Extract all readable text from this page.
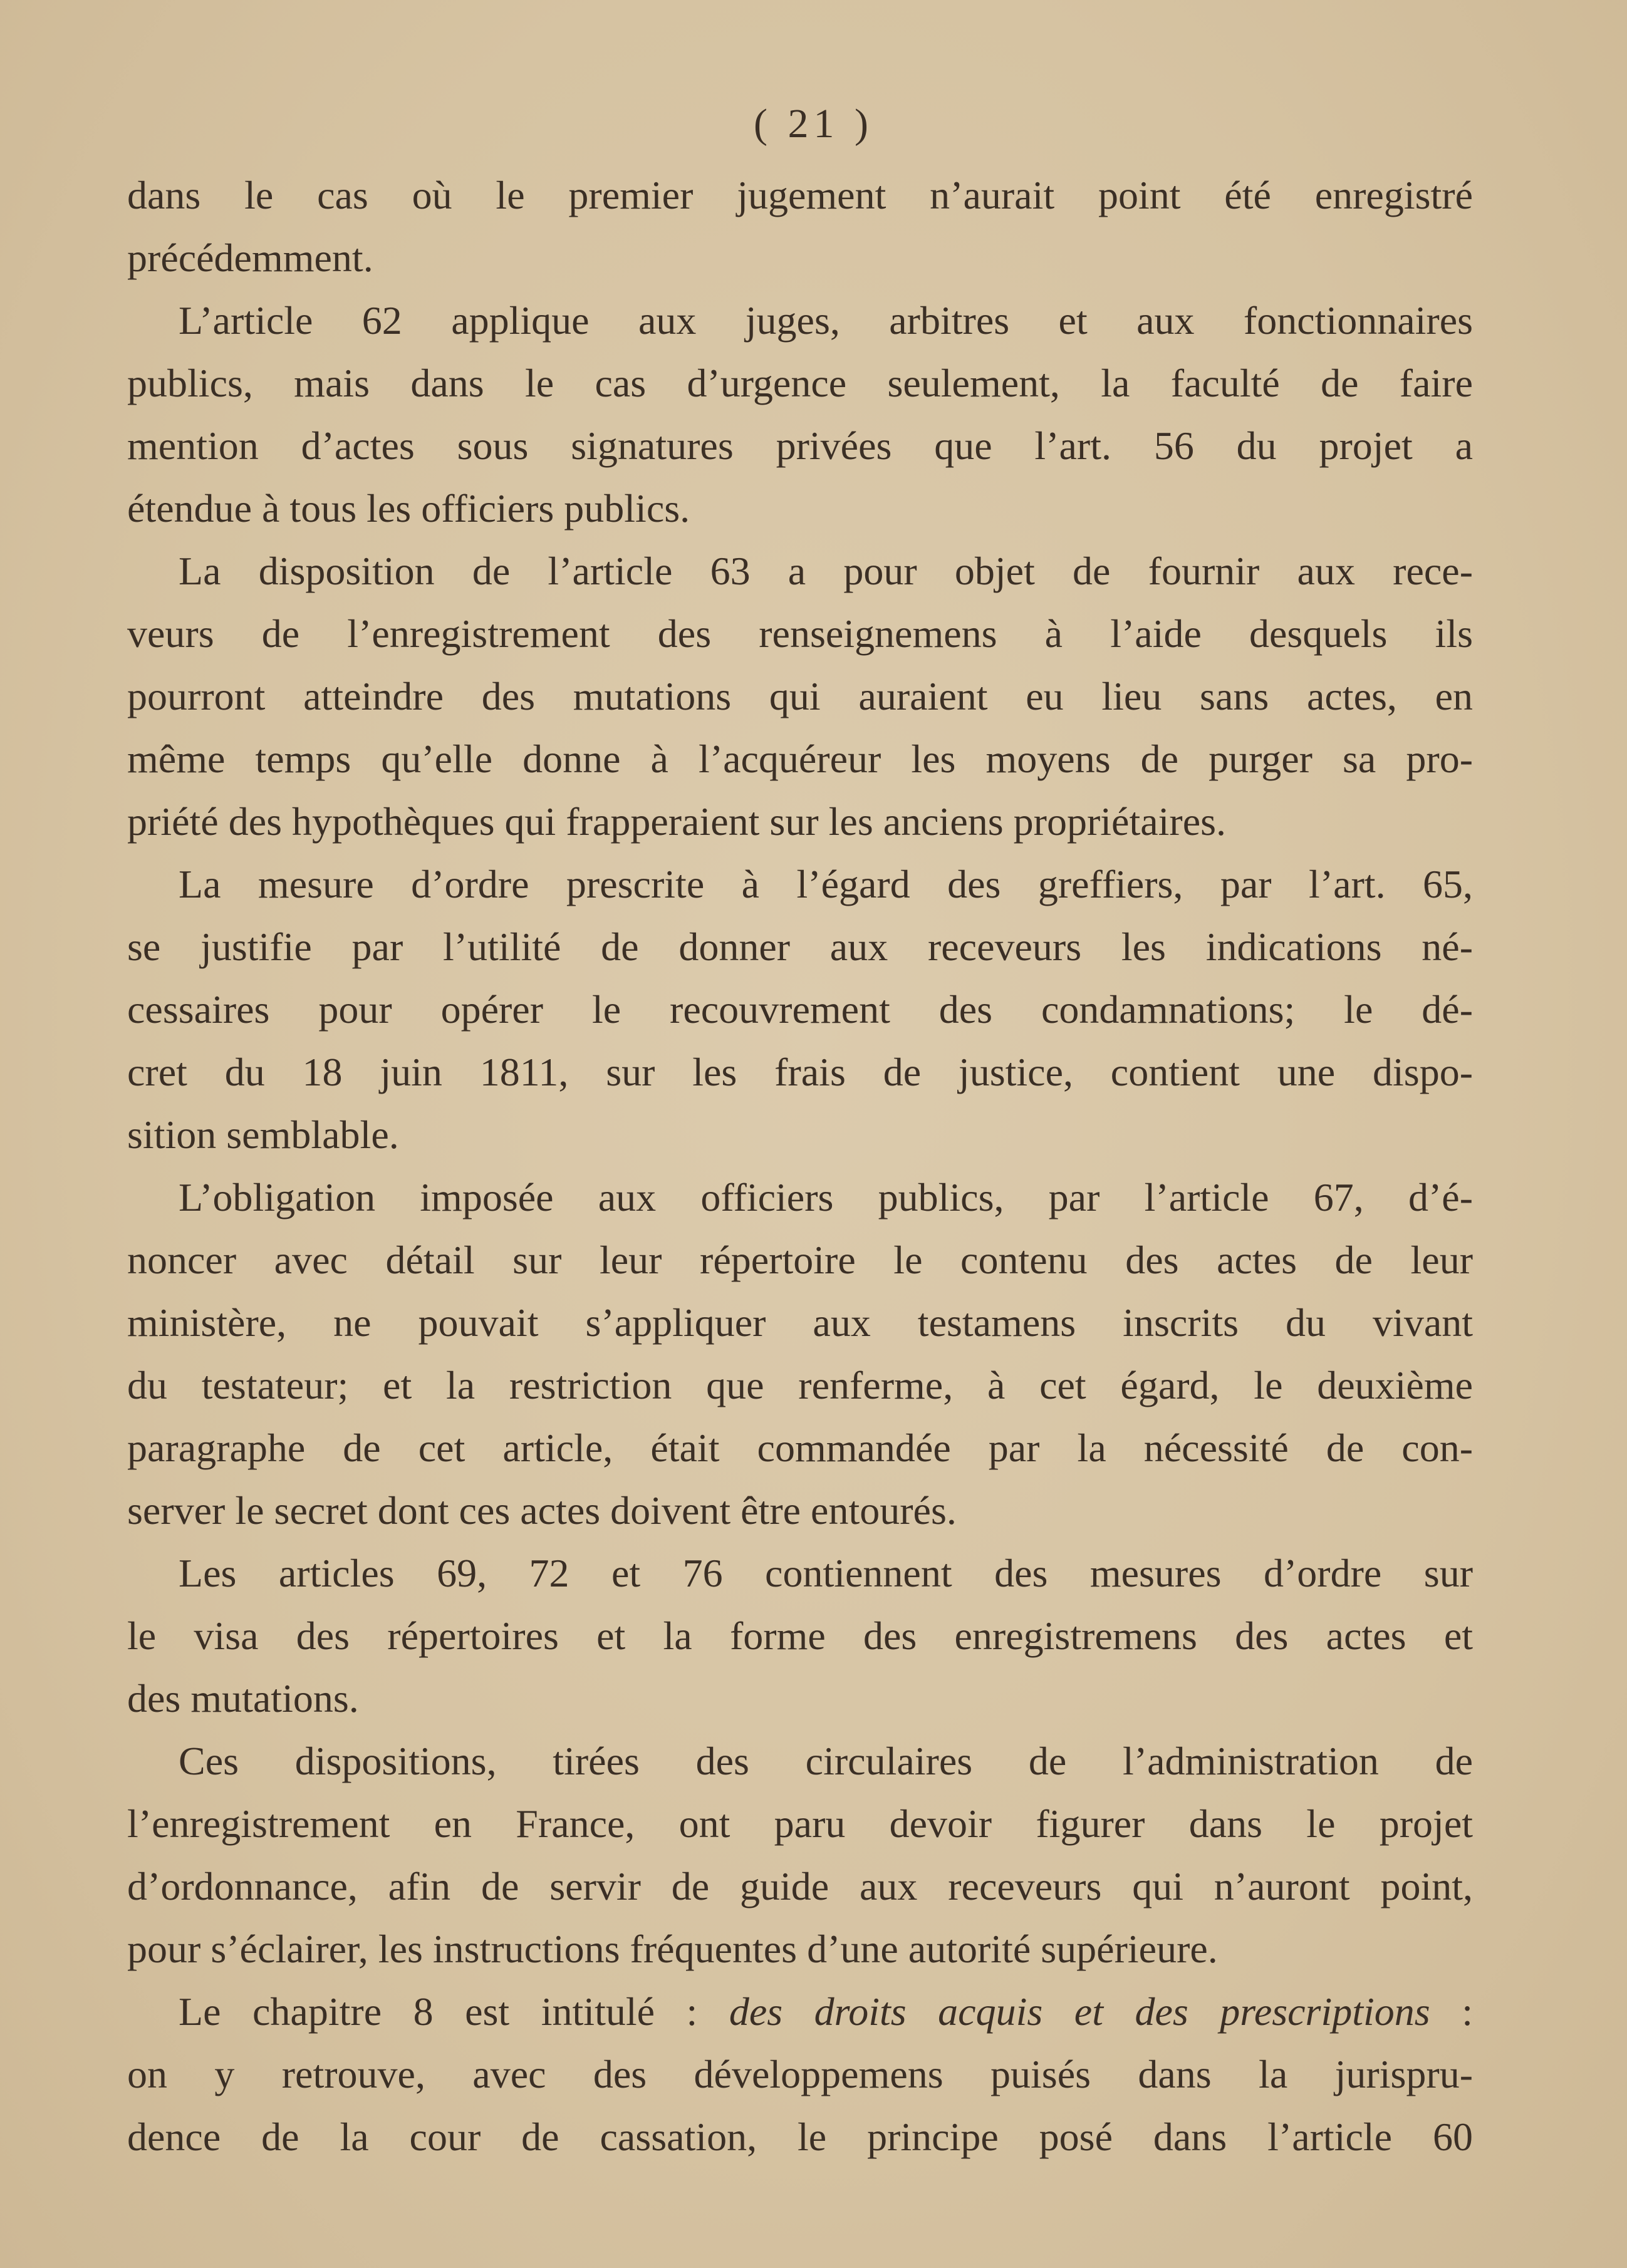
( 21 )
dans le cas où le premier jugement n’aurait point été enregistré
précédemment.
L’article 62 applique aux juges, arbitres et aux fonctionnaires
publics, mais dans le cas d’urgence seulement, la faculté de faire
mention d’actes sous signatures privées que l’art. 56 du projet a
étendue à tous les officiers publics.
La disposition de l’article 63 a pour objet de fournir aux rece-
veurs de l’enregistrement des renseignemens à l’aide desquels ils
pourront atteindre des mutations qui auraient eu lieu sans actes, en
même temps qu’elle donne à l’acquéreur les moyens de purger sa pro-
priété des hypothèques qui frapperaient sur les anciens propriétaires.
La mesure d’ordre prescrite à l’égard des greffiers, par l’art. 65,
se justifie par l’utilité de donner aux receveurs les indications né-
cessaires pour opérer le recouvrement des condamnations; le dé-
cret du 18 juin 1811, sur les frais de justice, contient une dispo-
sition semblable.
L’obligation imposée aux officiers publics, par l’article 67, d’é-
noncer avec détail sur leur répertoire le contenu des actes de leur
ministère, ne pouvait s’appliquer aux testamens inscrits du vivant
du testateur; et la restriction que renferme, à cet égard, le deuxième
paragraphe de cet article, était commandée par la nécessité de con-
server le secret dont ces actes doivent être entourés.
Les articles 69, 72 et 76 contiennent des mesures d’ordre sur
le visa des répertoires et la forme des enregistremens des actes et
des mutations.
Ces dispositions, tirées des circulaires de l’administration de
l’enregistrement en France, ont paru devoir figurer dans le projet
d’ordonnance, afin de servir de guide aux receveurs qui n’auront point,
pour s’éclairer, les instructions fréquentes d’une autorité supérieure.
Le chapitre 8 est intitulé : des droits acquis et des prescriptions :
on y retrouve, avec des développemens puisés dans la jurispru-
dence de la cour de cassation, le principe posé dans l’article 60
